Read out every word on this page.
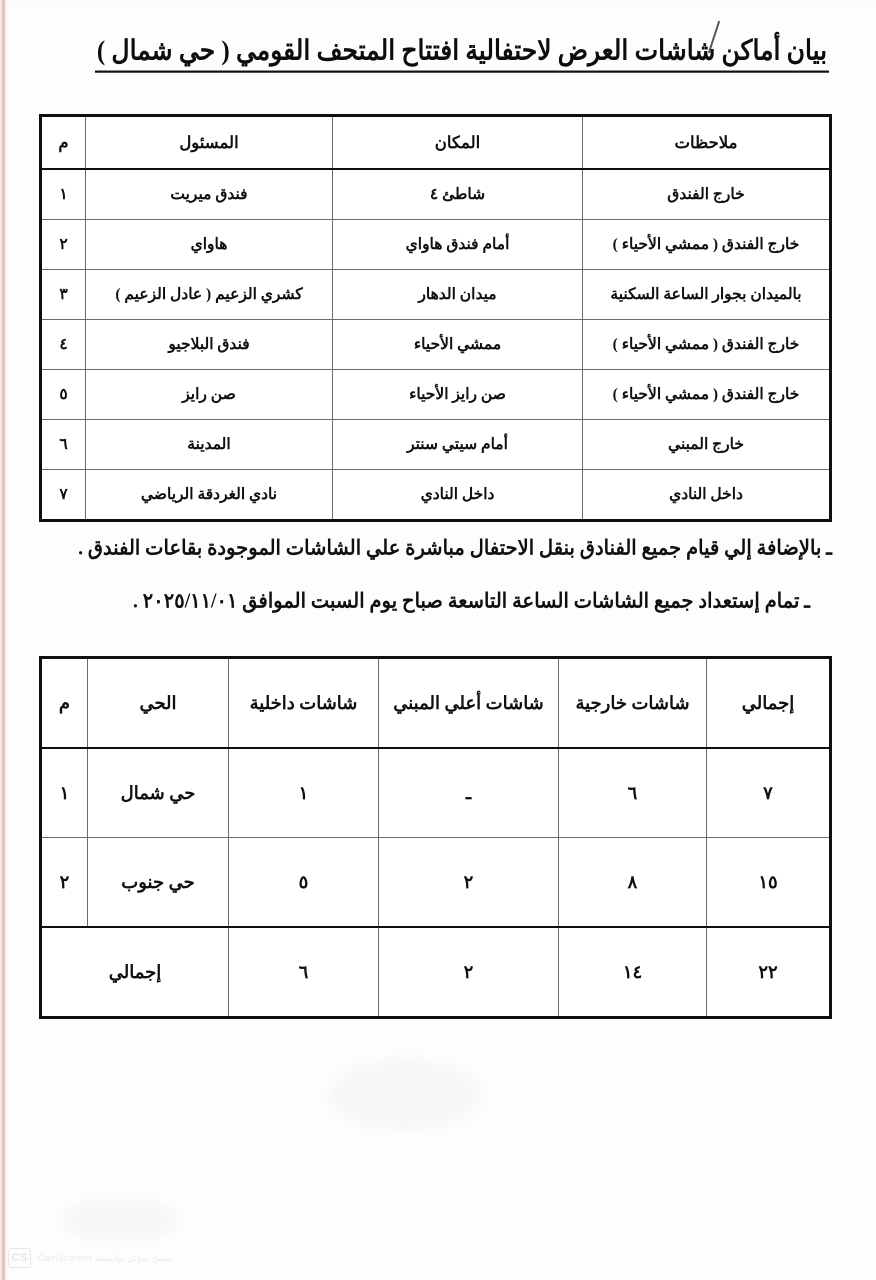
بيان أماكن شاشات العرض لاحتفالية افتتاح المتحف القومي ( حي شمال )
ملاحظات	المكان	المسئول	م
خارج الفندق	شاطئ ٤	فندق ميريت	١
خارج الفندق ( ممشي الأحياء )	أمام فندق هاواي	هاواي	٢
بالميدان بجوار الساعة السكنية	ميدان الدهار	كشري الزعيم ( عادل الزعيم )	٣
خارج الفندق ( ممشي الأحياء )	ممشي الأحياء	فندق البلاجيو	٤
خارج الفندق ( ممشي الأحياء )	صن رايز الأحياء	صن رايز	٥
خارج المبني	أمام سيتي سنتر	المدينة	٦
داخل النادي	داخل النادي	نادي الغردقة الرياضي	٧
ـ بالإضافة إلي قيام جميع الفنادق بنقل الاحتفال مباشرة علي الشاشات الموجودة بقاعات الفندق .
ـ تمام إستعداد جميع الشاشات الساعة التاسعة صباح يوم السبت الموافق ٢٠٢٥/١١/٠١ .
إجمالي	شاشات خارجية	شاشات أعلي المبني	شاشات داخلية	الحي	م
٧	٦	ـ	١	حي شمال	١
١٥	٨	٢	٥	حي جنوب	٢
٢٢	١٤	٢	٦	إجمالي	
CS	CamScanner بمسح ضوئي بواسطة
